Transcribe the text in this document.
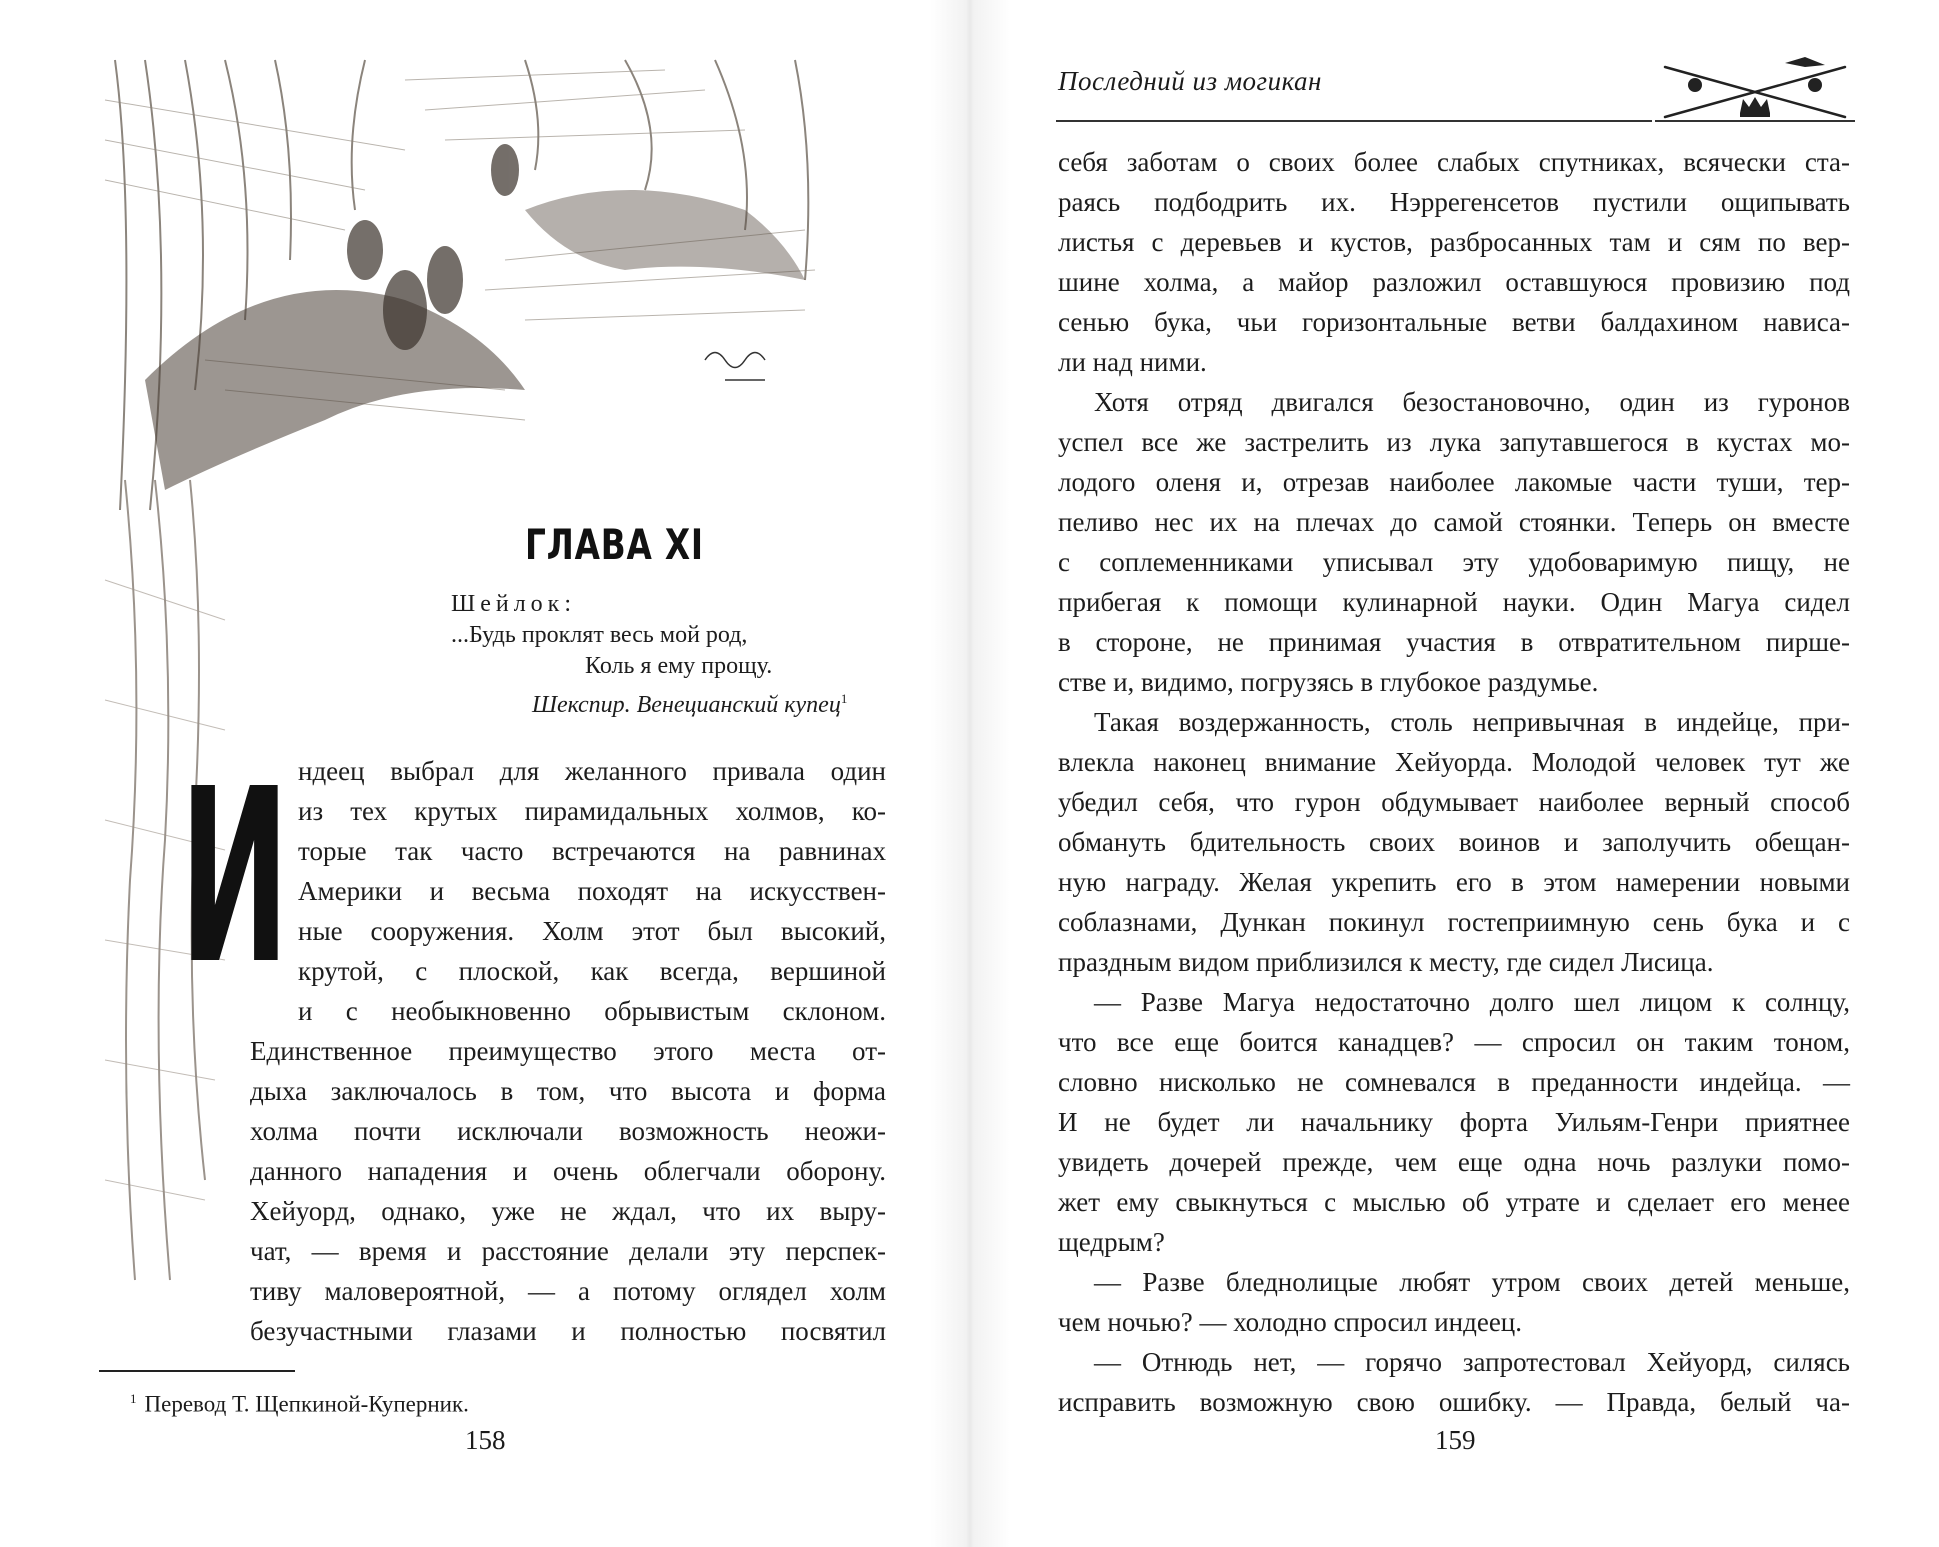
ГЛАВА XI
Шейлок:
...Будь проклят весь мой род,
Коль я ему прощу.
Шекспир. Венецианский купец$^1$
И ндеец выбрал для желанного привала один
из тех крутых пирамидальных холмов, ко-
торые так часто встречаются на равнинах
Америки и весьма походят на искусствен-
ные сооружения. Холм этот был высокий,
крутой, с плоской, как всегда, вершиной
и с необыкновенно обрывистым склоном.
Единственное преимущество этого места от-
дыха заключалось в том, что высота и форма
холма почти исключали возможность неожи-
данного нападения и очень облегчали оборону.
Хейуорд, однако, уже не ждал, что их выру-
чат, — время и расстояние делали эту перспек-
тиву маловероятной, — а потому оглядел холм
безучастными глазами и полностью посвятил
$^1$ Перевод Т. Щепкиной-Куперник.
158
Последний из могикан
себя заботам о своих более слабых спутниках, всячески ста-
раясь подбодрить их. Нэррегенсетов пустили ощипывать
листья с деревьев и кустов, разбросанных там и сям по вер-
шине холма, а майор разложил оставшуюся провизию под
сенью бука, чьи горизонтальные ветви балдахином нависа-
ли над ними.
Хотя отряд двигался безостановочно, один из гуронов
успел все же застрелить из лука запутавшегося в кустах мо-
лодого оленя и, отрезав наиболее лакомые части туши, тер-
пеливо нес их на плечах до самой стоянки. Теперь он вместе
с соплеменниками уписывал эту удобоваримую пищу, не
прибегая к помощи кулинарной науки. Один Магуа сидел
в стороне, не принимая участия в отвратительном пирше-
стве и, видимо, погрузясь в глубокое раздумье.
Такая воздержанность, столь непривычная в индейце, при-
влекла наконец внимание Хейуорда. Молодой человек тут же
убедил себя, что гурон обдумывает наиболее верный способ
обмануть бдительность своих воинов и заполучить обещан-
ную награду. Желая укрепить его в этом намерении новыми
соблазнами, Дункан покинул гостеприимную сень бука и с
праздным видом приблизился к месту, где сидел Лисица.
— Разве Магуа недостаточно долго шел лицом к солнцу,
что все еще боится канадцев? — спросил он таким тоном,
словно нисколько не сомневался в преданности индейца. —
И не будет ли начальнику форта Уильям-Генри приятнее
увидеть дочерей прежде, чем еще одна ночь разлуки помо-
жет ему свыкнуться с мыслью об утрате и сделает его менее
щедрым?
— Разве бледнолицые любят утром своих детей меньше,
чем ночью? — холодно спросил индеец.
— Отнюдь нет, — горячо запротестовал Хейуорд, силясь
исправить возможную свою ошибку. — Правда, белый ча-
159
